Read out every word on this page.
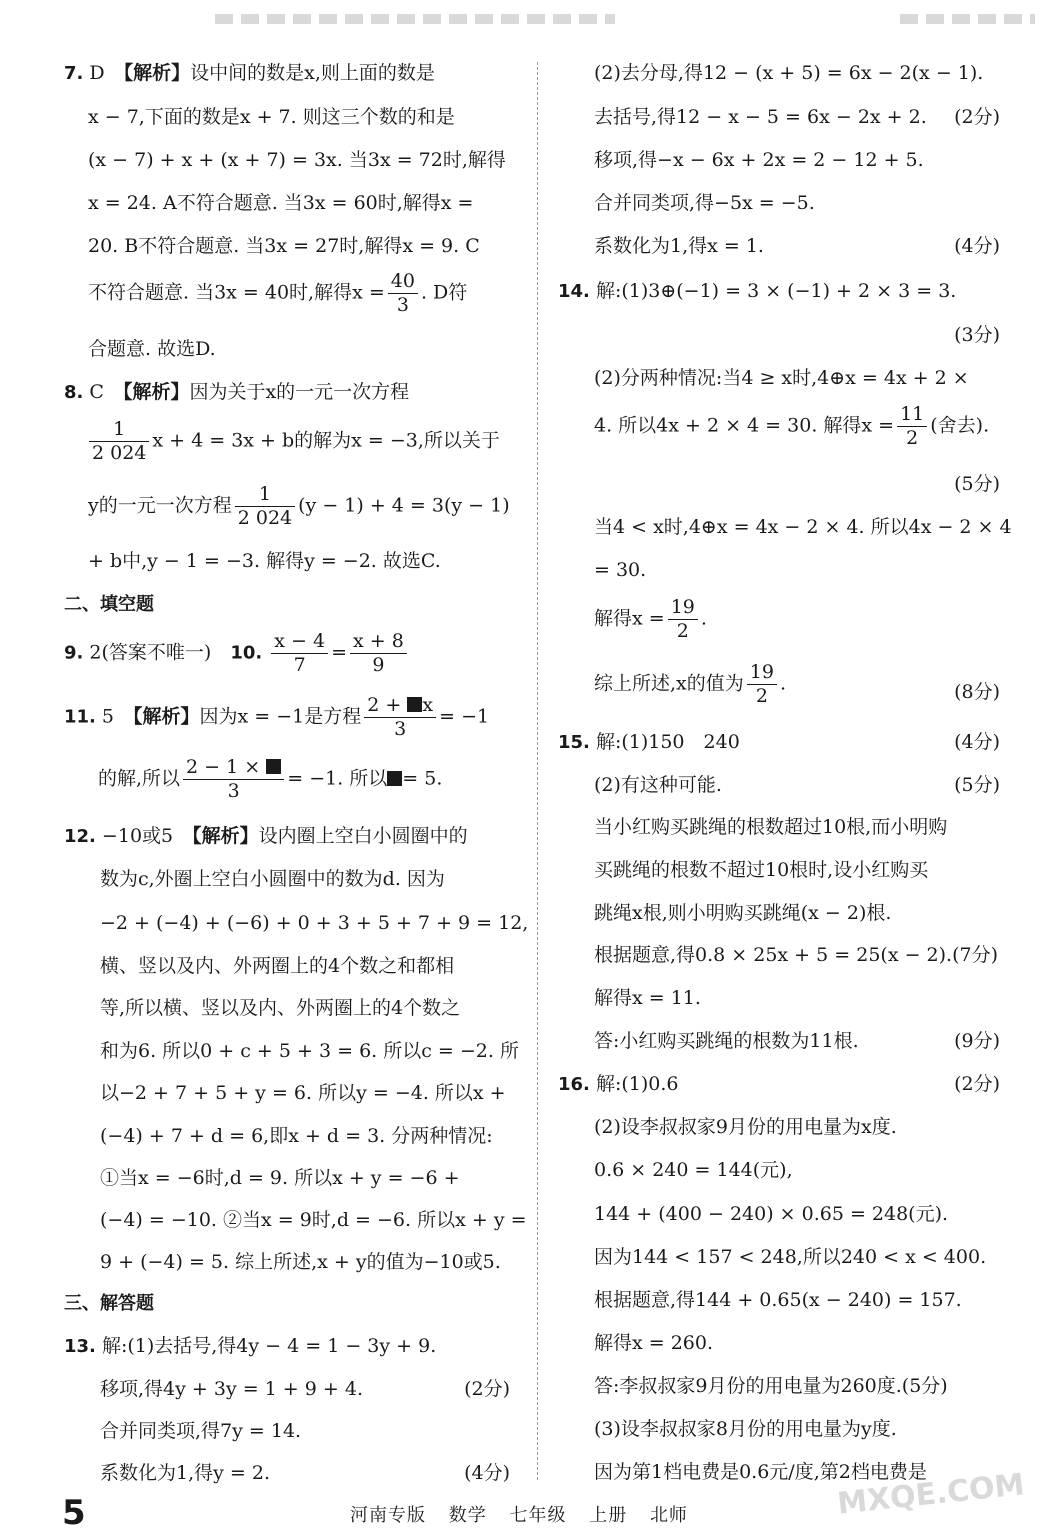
7. D　【解析】设中间的数是x,则上面的数是
x − 7,下面的数是x + 7. 则这三个数的和是
(x − 7) + x + (x + 7) = 3x. 当3x = 72时,解得
x = 24. A不符合题意. 当3x = 60时,解得x =
20. B不符合题意. 当3x = 27时,解得x = 9. C
不符合题意. 当3x = 40时,解得$x = \frac{40}{3}$ . D符
合题意. 故选D.
8. C　【解析】因为关于x的一元一次方程
$\frac{1}{2 024}$ x + 4 = 3x + b的解为x = −3,所以关于
y的一元一次方程 $\frac{1}{2 024} (y - 1) + 4 = 3(y - 1)$
+ b中,y − 1 = −3. 解得y = −2. 故选C.
二、填空题
9. 2(答案不唯一)　 10. $\frac{x - 4}{7} = \frac{x + 8}{9}$
11. 5　【解析】因为x = −1是方程 $\frac{2 + x}{3} = -1$
的解,所以 $\frac{2 - 1 \times}{3} = -1$. 所以 = 5.
12. −10或5　【解析】设内圈上空白小圆圈中的
数为c,外圈上空白小圆圈中的数为d. 因为
−2 + (−4) + (−6) + 0 + 3 + 5 + 7 + 9 = 12,
横、竖以及内、外两圈上的4个数之和都相
等,所以横、竖以及内、外两圈上的4个数之
和为6. 所以0 + c + 5 + 3 = 6. 所以c = −2. 所
以−2 + 7 + 5 + y = 6. 所以y = −4. 所以x +
(−4) + 7 + d = 6,即x + d = 3. 分两种情况:
①当x = −6时,d = 9. 所以x + y = −6 +
(−4) = −10. ②当x = 9时,d = −6. 所以x + y =
9 + (−4) = 5. 综上所述,x + y的值为−10或5.
三、解答题
13. 解:(1)去括号,得4y − 4 = 1 − 3y + 9.
移项,得4y + 3y = 1 + 9 + 4.	(2分)
合并同类项,得7y = 14.
系数化为1,得y = 2.	(4分)
(2)去分母,得12 − (x + 5) = 6x − 2(x − 1).
去括号,得12 − x − 5 = 6x − 2x + 2. (2分)
移项,得−x − 6x + 2x = 2 − 12 + 5.
合并同类项,得−5x = −5.
系数化为1,得x = 1.	(4分)
14. 解:(1)3⊕(−1) = 3 × (−1) + 2 × 3 = 3.
(3分)
(2)分两种情况:当4 ≥ x时,4⊕x = 4x + 2 ×
4. 所以4x + 2 × 4 = 30. 解得$x = \frac{11}{2}$ (舍去).
(5分)
当4 < x时,4⊕x = 4x − 2 × 4. 所以4x − 2 × 4
= 30.
解得$x = \frac{19}{2}$ .
综上所述,x的值为 $\frac{19}{2}$ .	(8分)
15. 解:(1)150　240	(4分)
(2)有这种可能.	(5分)
当小红购买跳绳的根数超过10根,而小明购
买跳绳的根数不超过10根时,设小红购买
跳绳x根,则小明购买跳绳(x − 2)根.
根据题意,得0.8 × 25x + 5 = 25(x − 2).(7分)
解得x = 11.
答:小红购买跳绳的根数为11根.	(9分)
16. 解:(1)0.6	(2分)
(2)设李叔叔家9月份的用电量为x度.
0.6 × 240 = 144(元),
144 + (400 − 240) × 0.65 = 248(元).
因为144 < 157 < 248,所以240 < x < 400.
根据题意,得144 + 0.65(x − 240) = 157.
解得x = 260.
答:李叔叔家9月份的用电量为260度.(5分)
(3)设李叔叔家8月份的用电量为y度.
因为第1档电费是0.6元/度,第2档电费是
5	河南专版 数学 七年级 上册 北师	MXQE.COM
